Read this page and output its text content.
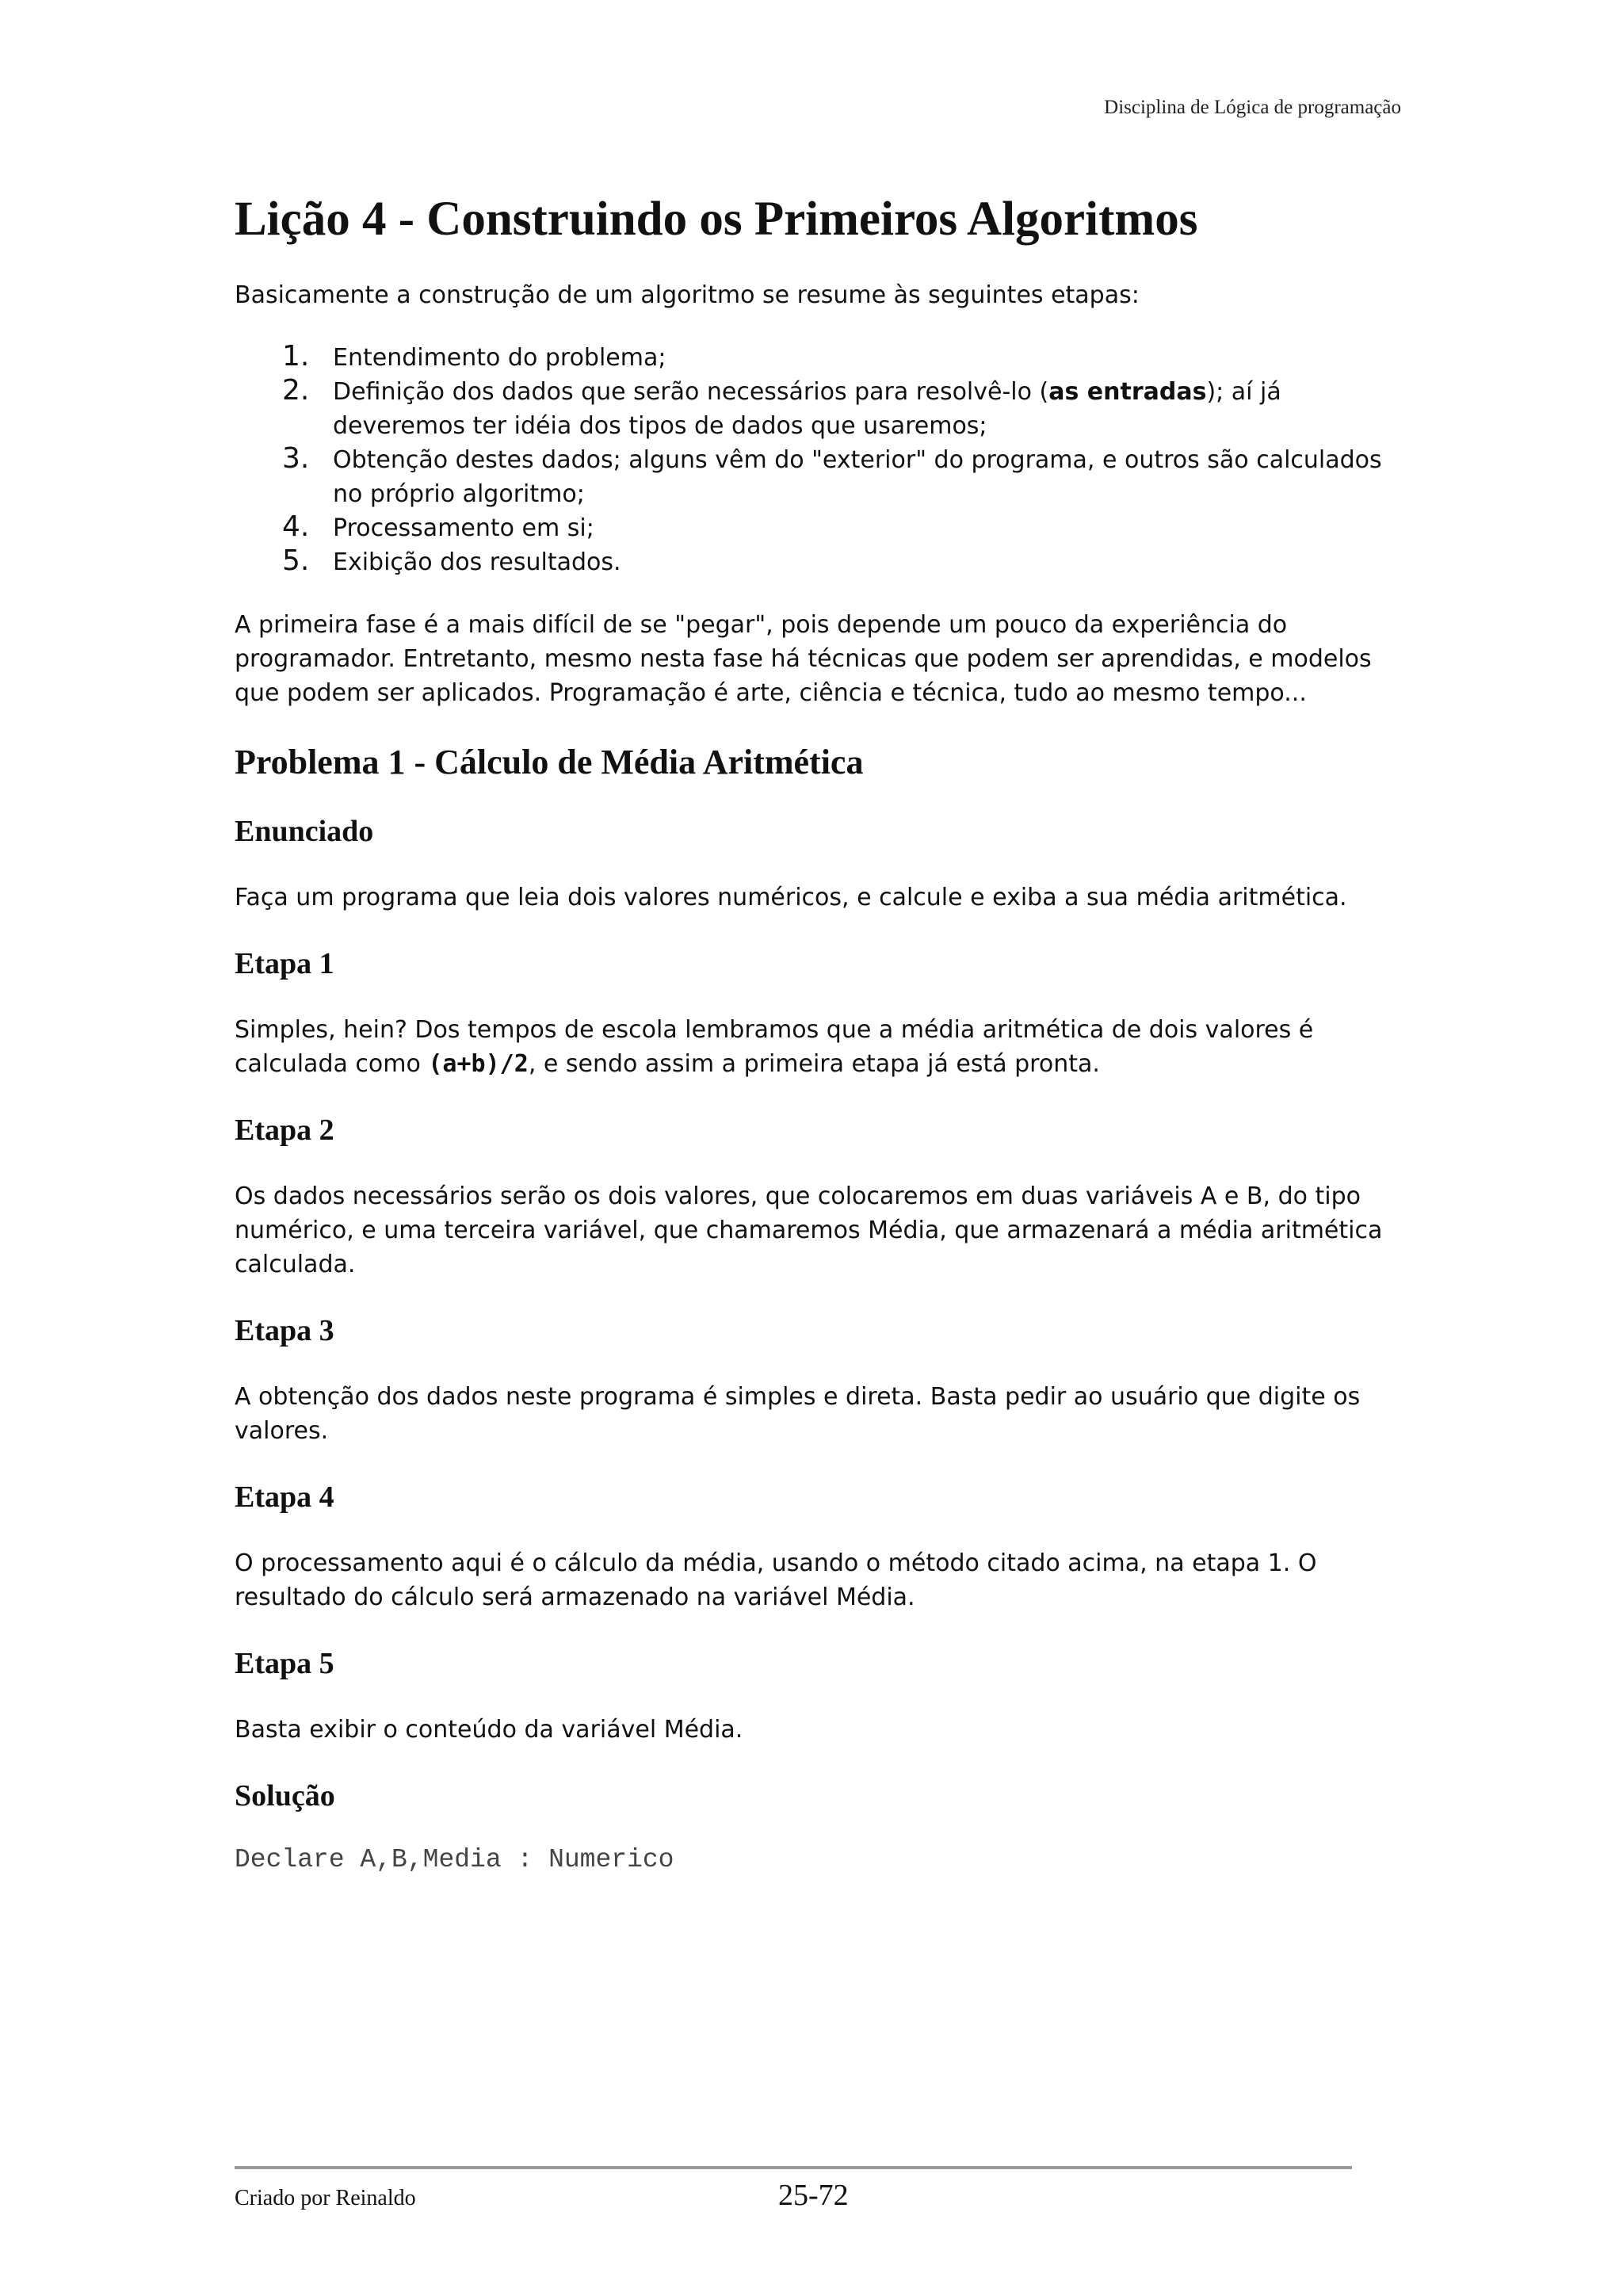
Disciplina de Lógica de programação
Lição 4 - Construindo os Primeiros Algoritmos

Basicamente a construção de um algoritmo se resume às seguintes etapas:

1. Entendimento do problema;
2. Definição dos dados que serão necessários para resolvê-lo (as entradas); aí já deveremos ter idéia dos tipos de dados que usaremos;
3. Obtenção destes dados; alguns vêm do "exterior" do programa, e outros são calculados no próprio algoritmo;
4. Processamento em si;
5. Exibição dos resultados.

A primeira fase é a mais difícil de se "pegar", pois depende um pouco da experiência do programador. Entretanto, mesmo nesta fase há técnicas que podem ser aprendidas, e modelos que podem ser aplicados. Programação é arte, ciência e técnica, tudo ao mesmo tempo...

Problema 1 - Cálculo de Média Aritmética
Enunciado

Faça um programa que leia dois valores numéricos, e calcule e exiba a sua média aritmética.

Etapa 1

Simples, hein? Dos tempos de escola lembramos que a média aritmética de dois valores é calculada como (a+b)/2, e sendo assim a primeira etapa já está pronta.

Etapa 2

Os dados necessários serão os dois valores, que colocaremos em duas variáveis A e B, do tipo numérico, e uma terceira variável, que chamaremos Média, que armazenará a média aritmética calculada.

Etapa 3

A obtenção dos dados neste programa é simples e direta. Basta pedir ao usuário que digite os valores.

Etapa 4

O processamento aqui é o cálculo da média, usando o método citado acima, na etapa 1. O resultado do cálculo será armazenado na variável Média.

Etapa 5

Basta exibir o conteúdo da variável Média.

Solução
Declare A,B,Media : Numerico
Criado por Reinaldo	25-72
